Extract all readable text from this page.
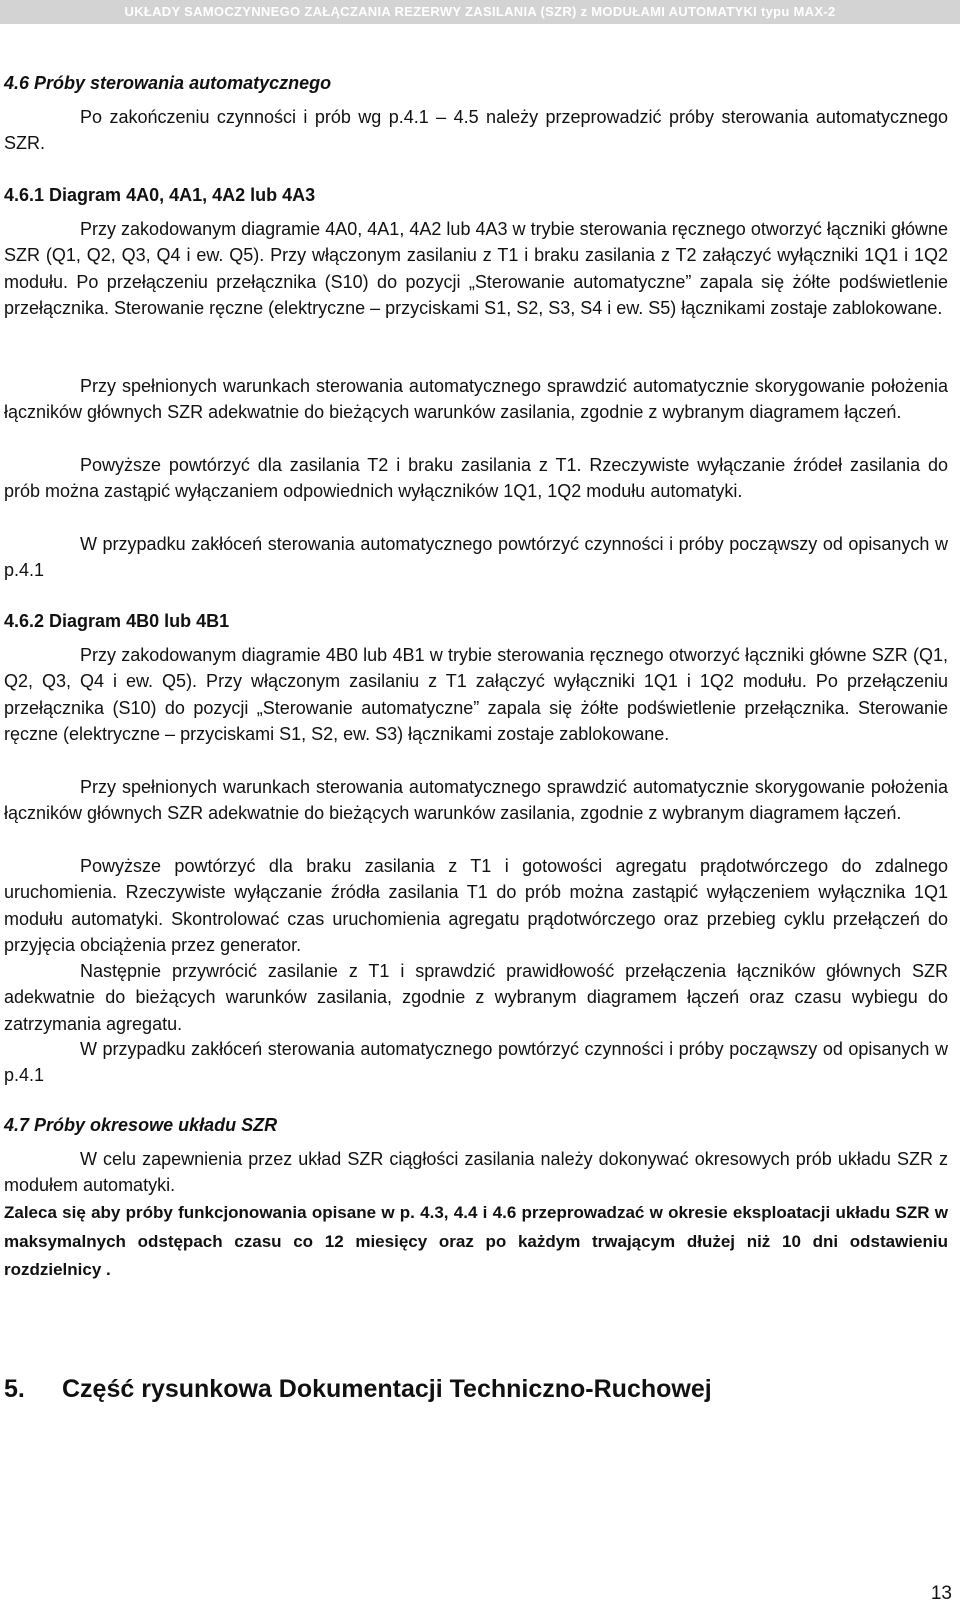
UKŁADY SAMOCZYNNEGO ZAŁĄCZANIA REZERWY ZASILANIA (SZR) z MODUŁAMI AUTOMATYKI typu MAX-2
4.6 Próby sterowania automatycznego

Po zakończeniu czynności i prób wg p.4.1 – 4.5 należy przeprowadzić próby sterowania automatycznego SZR.

4.6.1 Diagram 4A0, 4A1, 4A2 lub 4A3

Przy zakodowanym diagramie 4A0, 4A1, 4A2 lub 4A3 w trybie sterowania ręcznego otworzyć łączniki główne SZR (Q1, Q2, Q3, Q4 i ew. Q5). Przy włączonym zasilaniu z T1 i braku zasilania z T2 załączyć wyłączniki 1Q1 i 1Q2 modułu. Po przełączeniu przełącznika (S10) do pozycji „Sterowanie automatyczne” zapala się żółte podświetlenie przełącznika. Sterowanie ręczne (elektryczne – przyciskami S1, S2, S3, S4 i ew. S5) łącznikami zostaje zablokowane.

Przy spełnionych warunkach sterowania automatycznego sprawdzić automatycznie skorygowanie położenia łączników głównych SZR adekwatnie do bieżących warunków zasilania, zgodnie z wybranym diagramem łączeń.

Powyższe powtórzyć dla zasilania T2 i braku zasilania z T1. Rzeczywiste wyłączanie źródeł zasilania do prób można zastąpić wyłączaniem odpowiednich wyłączników 1Q1, 1Q2 modułu automatyki.

W przypadku zakłóceń sterowania automatycznego powtórzyć czynności i próby począwszy od opisanych w p.4.1

4.6.2 Diagram 4B0 lub 4B1

Przy zakodowanym diagramie 4B0 lub 4B1 w trybie sterowania ręcznego otworzyć łączniki główne SZR (Q1, Q2, Q3, Q4 i ew. Q5). Przy włączonym zasilaniu z T1 załączyć wyłączniki 1Q1 i 1Q2 modułu. Po przełączeniu przełącznika (S10) do pozycji „Sterowanie automatyczne” zapala się żółte podświetlenie przełącznika. Sterowanie ręczne (elektryczne – przyciskami S1, S2, ew. S3) łącznikami zostaje zablokowane.

Przy spełnionych warunkach sterowania automatycznego sprawdzić automatycznie skorygowanie położenia łączników głównych SZR adekwatnie do bieżących warunków zasilania, zgodnie z wybranym diagramem łączeń.

Powyższe powtórzyć dla braku zasilania z T1 i gotowości agregatu prądotwórczego do zdalnego uruchomienia. Rzeczywiste wyłączanie źródła zasilania T1 do prób można zastąpić wyłączeniem wyłącznika 1Q1 modułu automatyki. Skontrolować czas uruchomienia agregatu prądotwórczego oraz przebieg cyklu przełączeń do przyjęcia obciążenia przez generator.

Następnie przywrócić zasilanie z T1 i sprawdzić prawidłowość przełączenia łączników głównych SZR adekwatnie do bieżących warunków zasilania, zgodnie z wybranym diagramem łączeń oraz czasu wybiegu do zatrzymania agregatu.

W przypadku zakłóceń sterowania automatycznego powtórzyć czynności i próby począwszy od opisanych w p.4.1

4.7 Próby okresowe układu SZR

W celu zapewnienia przez układ SZR ciągłości zasilania należy dokonywać okresowych prób układu SZR z modułem automatyki.

Zaleca się aby próby funkcjonowania opisane w p. 4.3, 4.4 i 4.6 przeprowadzać w okresie eksploatacji układu SZR w maksymalnych odstępach czasu co 12 miesięcy oraz po każdym trwającym dłużej niż 10 dni odstawieniu rozdzielnicy .

5. Część rysunkowa Dokumentacji Techniczno-Ruchowej
13
